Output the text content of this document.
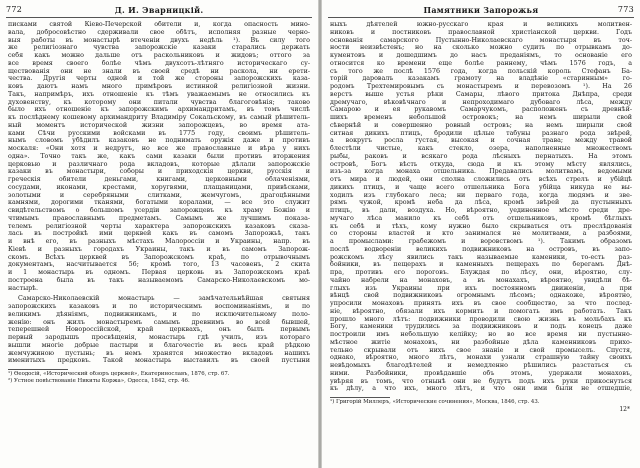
772	Д. И. Эварницкій.
писками святой Кіево-Печерской обители и, когда опасность мино-
вала, добросовѣстно сдерживали свое обѣтъ, исполняя разные черно-
выя работы въ монастырѣ втеченіи двухъ недѣль ¹). Въ силу того
же религіознаго чувства запорожскіе казаки старались держать
себя какъ можно дальше отъ раскольниковъ и жидовъ; оттого за
все время своего болѣе чѣмъ двухсотъ-лѣтняго историческаго су-
ществованія они не знали въ своей средѣ ни раскола, ни ерети-
чества. Другія черты одной и той же стороны запорожскихъ каза-
ковъ даютъ намъ много примѣровъ истинной религіозной жизни.
Такъ, напримѣръ, ихъ отношеніе къ тѣмъ уважаемымъ не относились къ
духовенству, къ которому они питали чувства благоговѣнія; таково
было ихъ отношеніе къ запорожскимъ архимандритамъ, въ томъ числѣ
къ послѣднему кошевому архимандриту Владиміру Сокальскому, въ самый рѣшитель-
ный моментъ исторической жизни запорожцевъ, во время ата-
ками Сѣчи русскими войсками въ 1775 году, своимъ рѣшитель-
нымъ словомъ убѣдилъ казаковъ не поднимать оружія даже и противъ
москаля: «Они хотя и недругъ, но все же православные и вѣра у нихъ
одна». Точно такъ же, какъ сами казаки были противъ вторжения
церковью и различнаго рода вкладовъ, которые дѣлали запорожскіе
казаки въ монастыри, соборы и приходскія церкви, русскія и
греческія обители деньгами, книгами, церковными облаченіями,
сосудами, иконами, крестами, хоругвями, плащаницами, привѣсками,
золотыми и серебряными слитками, жемчугомъ, драгоцѣнными
камнями, дорогими тканями, богатыми коралами, — все это служит
свидѣтельствомъ о большомъ усердіи запорожцевъ къ храму Божію и
чтимымъ православнымъ предметамъ. Самымъ же лучшимъ показа-
телемъ религіозной черты характера запорожскихъ казаковъ сказа-
лась въ постройкѣ ими церквей какъ въ самомъ Запорожьѣ, такъ
и внѣ его, въ разныхъ мѣстахъ Малороссіи и Украины, напр. въ
Кіевѣ и разныхъ городахъ Украины, такъ и въ самомъ Запорож-
скомъ. Всѣхъ церквей въ Запорожскомъ краѣ, по отрывочнымъ
документамъ, насчитывается 56; кромѣ того, 13 часовенъ, 2 скита
и 1 монастырь въ одномъ. Первая церковь въ Запорожскомъ краѣ
построена была въ такъ называемомъ Самарско-Николаевскомъ мо-
настырѣ.
Самарско-Николаевскій монастырь — замѣчательнѣйшая святыня
запорожскихъ казаковъ и по историческимъ воспоминаніямъ, и по
великимъ дѣяніямъ, подвижникамъ, и по исключительному поло-
женію: онъ жилъ монастыремъ самымъ древнимъ во всей бывшей,
теперешней Новороссійской, край церквахъ, онъ былъ первымъ
первый зародышъ просвѣщенія, монастырь гдѣ училъ, изъ котораго
вышли многіе добрые пастыри и благочестіе въ весь край рѣдкою
жемчужиною пустынь; въ немъ хранятся множество вкладовъ нашихъ
именитыхъ предковъ. Такой монастырь выставилъ въ своей пустыни
¹) Ѳеодосій, «Исторический обзоръ церквей», Екатеринославъ, 1876, стр. 67.
²) Устное повѣствованіе Никиты Коржа», Одесса, 1842, стр. 46.
Памятники Запорожья	773
ныхъ дѣятелей южно-русскаго края и великихъ молитвен-
никовъ и постниковъ православной христіанской церкви. Годъ
основанія самарского Пустынно-Николаевскаго монастыря въ точ-
ности неизвѣстенъ; но на сколько можно судить по отрывкамъ до-
кументовъ и дошедшимъ до насъ преданіямъ, то основаніе его
относится ко времени еще болѣе раннему, чѣмъ 1576 годъ, а
съ того же послѣ 1576 года, когда польскій король Стефанъ Ба-
торій даровалъ казакамъ грамоту на владѣніе «старинным» го-
родомъ Трехтемировымъ съ монастыремъ и перевозомъ ¹). На 26
верстъ выше устья рѣки Самары, лѣвого притока Днѣпра, среди
дремучаго, вѣковѣчнаго и непроходимаго дубоваго лѣса, между
Самарою и ея рукавомъ Самарчукомъ, расположенъ съ древнѣй-
шихъ временъ небольшой островокъ; на немъ ширыли свой
сѣвернѣй и совершенно ровный островъ; на немъ ширыли свой
ситная дикихъ птицъ, бродили цѣлые табуны разнаго рода звѣрей,
а вокругъ росла густая, высокая и сочная трава; между травой
блестѣли чистые, какъ стекло, озера, наполненные множествомъ
рыбы, раковъ и всякаго рода лѣсныхъ пернатыхъ. На этомъ
островѣ, Богъ вѣсть откуда, сюда и къ этому мѣсту являлись,
изъ-за когда монаха отшельника. Предавались молитвамъ, ведомыми
отъ мира и людей, они сполна сложились отъ всѣхъ стрелъ и убійцѣ
дикихъ птицъ, и чаще всего отшельника Бога убійца никуда не вы-
ходилъ изъ глубокаго леса; ни перваго года, когда людямъ и зве-
рямъ чужой, кромѣ неба да лѣса, кромѣ звѣрей да пустынныхъ
птицъ, въ дали, воздуха. Но, вѣроятно, уединенное мѣсто среди дре-
мучаго лѣса манило къ себѣ отъ отшельниковъ, кромѣ бѣглыхъ
къ себѣ и тѣхъ, кому нужно было скрываться отъ преслѣдованія
со стороны властей и кто занимался не молитвами, а разбоями,
а промыслами: грабежомъ и воровствомъ ¹). Такимъ образомъ
послѣ водвореніи великихъ подвижниковъ на островъ, въ запо-
рожскомъ лѣсу явились такъ называемые каменики, то-есть раз-
бойники, въ пещерахъ и каменныхъ пещерахъ по берегамъ Днѣ-
пра, противъ его пороговъ. Блуждая по лѣсу, они, вѣроятно, слу-
чайно набрели на монаховъ, а въ монахахъ, вѣроятно, увидѣли бѣ-
глыхъ изъ Украины при ихъ постоянномъ движеніи, а при
вѣнцѣ свой подвижниковъ огромнымъ лѣсомъ; однакоже, вѣроятно,
упросили монаховъ принять ихъ въ свое сообщество, за что послед-
ніе, вѣроятно, обязали ихъ кормить и помогать имъ работать. Такъ
прошло много лѣтъ: подвижники проводили свою жизнь въ мольбахъ къ
Богу, каменики трудились за подвижниковъ и подъ конецъ даже
построили имъ небольшую келійку; но во все время ни пустынно-
мѣстное житіе монаховъ, ни разбойные дѣла каменниковъ прихо-
тельно скрывали отъ нихъ свое знаніе и свой промыселъ. Спустя,
однако, вѣроятно, много лѣтъ, монахи узнали страшную тайну своихъ
невѣдомыхъ благодѣтелей и немедленно рѣшились разстаться съ
ними. Разбойники, провѣдавшіе объ этомъ, удержали монаховъ,
увѣряя въ томъ, что отнынѣ они не будутъ подъ ихъ руки прикоснуться
къ дѣлу, а что ихъ, много лѣтъ, и что они ими были не отшедшіе,
¹) Григорій Миллеръ, «Исторические сочинения», Москва, 1846, стр. 43.
12*
